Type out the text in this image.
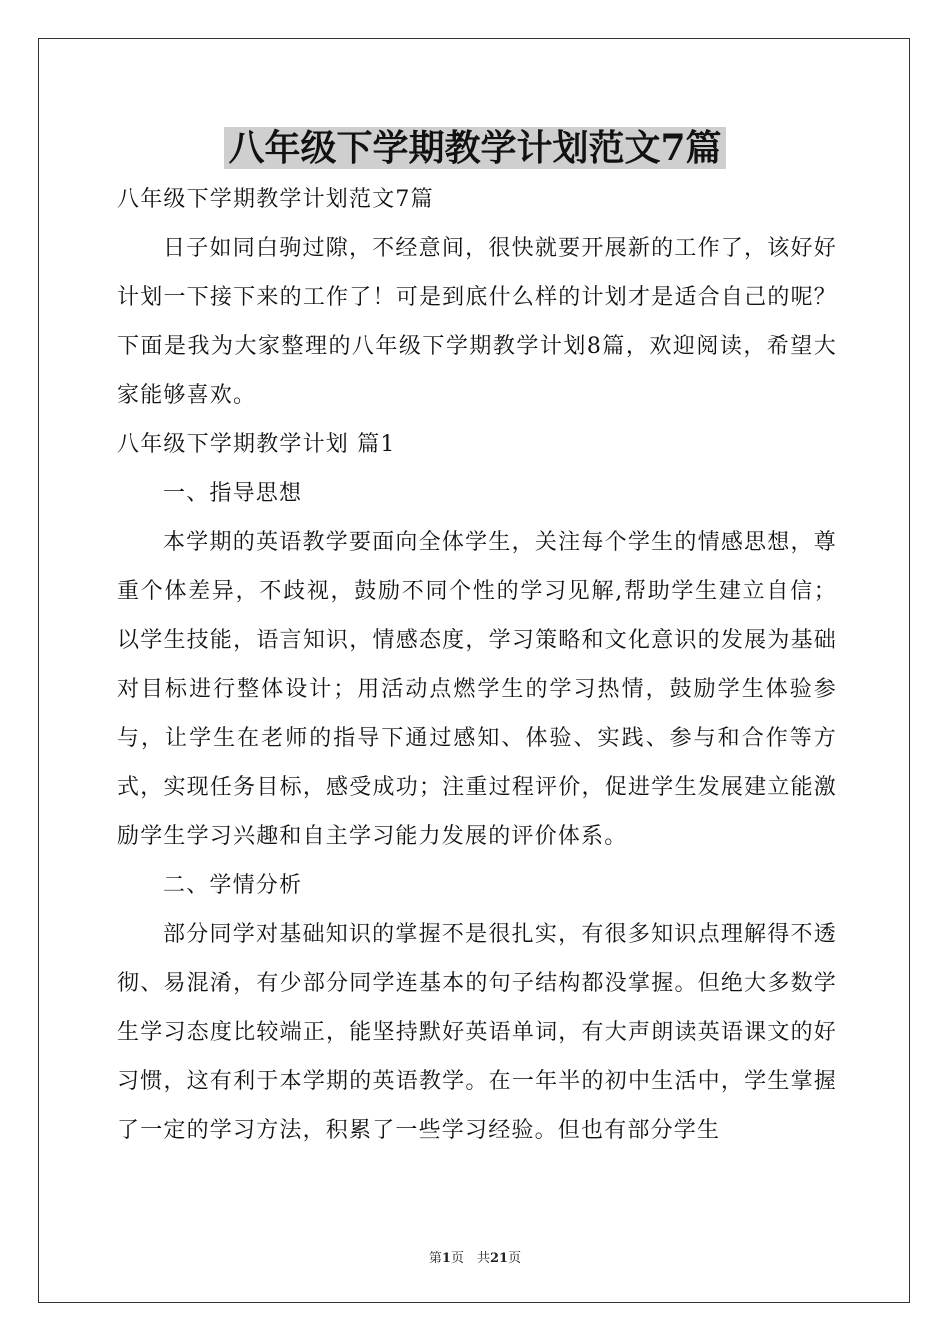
八年级下学期教学计划范文7篇

八年级下学期教学计划范文7篇

日子如同白驹过隙，不经意间，很快就要开展新的工作了，该好好计划一下接下来的工作了！可是到底什么样的计划才是适合自己的呢？下面是我为大家整理的八年级下学期教学计划8篇，欢迎阅读，希望大家能够喜欢。

八年级下学期教学计划 篇1

一、指导思想

本学期的英语教学要面向全体学生，关注每个学生的情感思想，尊重个体差异，不歧视，鼓励不同个性的学习见解,帮助学生建立自信；以学生技能，语言知识，情感态度，学习策略和文化意识的发展为基础对目标进行整体设计；用活动点燃学生的学习热情，鼓励学生体验参与，让学生在老师的指导下通过感知、体验、实践、参与和合作等方式，实现任务目标，感受成功；注重过程评价，促进学生发展建立能激励学生学习兴趣和自主学习能力发展的评价体系。

二、学情分析

部分同学对基础知识的掌握不是很扎实，有很多知识点理解得不透彻、易混淆，有少部分同学连基本的句子结构都没掌握。但绝大多数学生学习态度比较端正，能坚持默好英语单词，有大声朗读英语课文的好习惯，这有利于本学期的英语教学。在一年半的初中生活中，学生掌握了一定的学习方法，积累了一些学习经验。但也有部分学生

第1页　共21页
